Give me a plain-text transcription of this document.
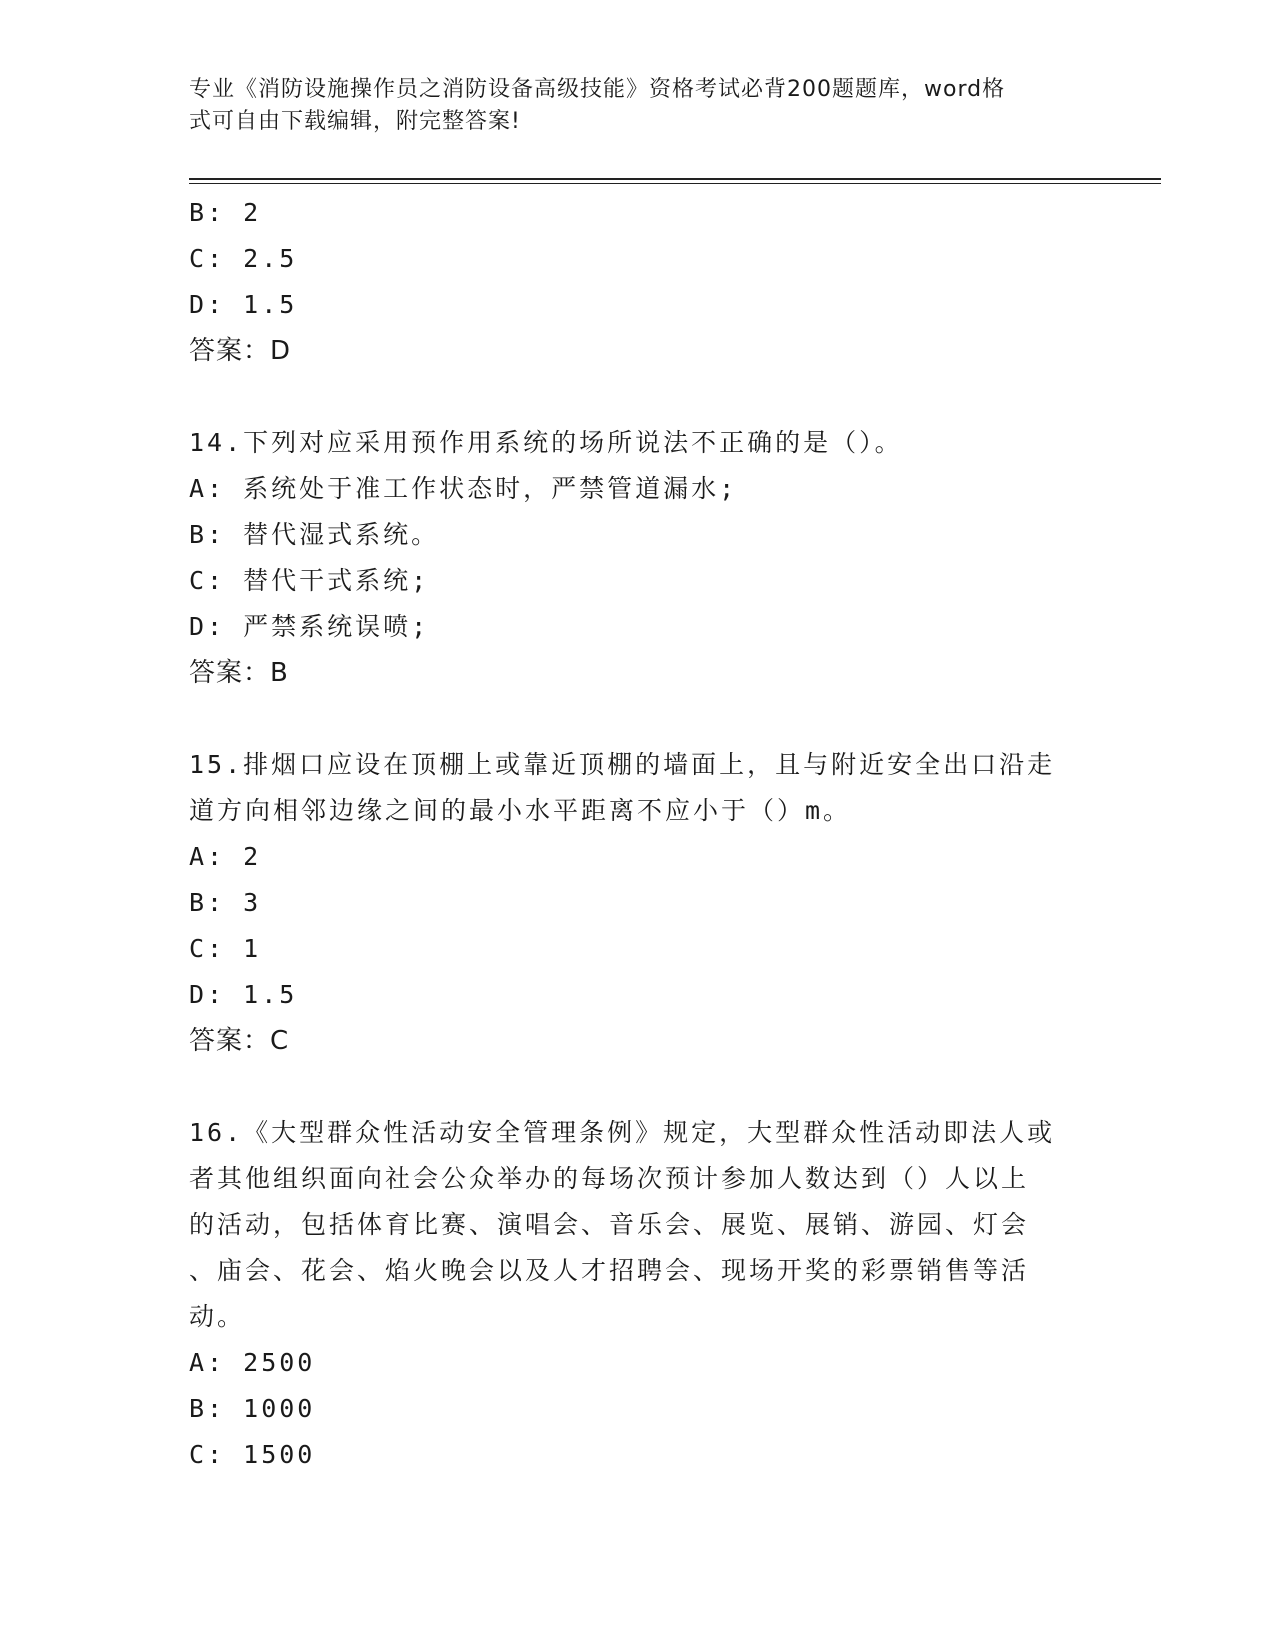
专业《消防设施操作员之消防设备高级技能》资格考试必背200题题库，word格
式可自由下载编辑，附完整答案!
B: 2
C: 2.5
D: 1.5
答案：D
14.下列对应采用预作用系统的场所说法不正确的是（）。
A: 系统处于准工作状态时，严禁管道漏水;
B: 替代湿式系统。
C: 替代干式系统;
D: 严禁系统误喷;
答案：B
15.排烟口应设在顶棚上或靠近顶棚的墙面上，且与附近安全出口沿走
道方向相邻边缘之间的最小水平距离不应小于（）m。
A: 2
B: 3
C: 1
D: 1.5
答案：C
16.《大型群众性活动安全管理条例》规定，大型群众性活动即法人或
者其他组织面向社会公众举办的每场次预计参加人数达到（）人以上
的活动，包括体育比赛、演唱会、音乐会、展览、展销、游园、灯会
、庙会、花会、焰火晚会以及人才招聘会、现场开奖的彩票销售等活
动。
A: 2500
B: 1000
C: 1500
